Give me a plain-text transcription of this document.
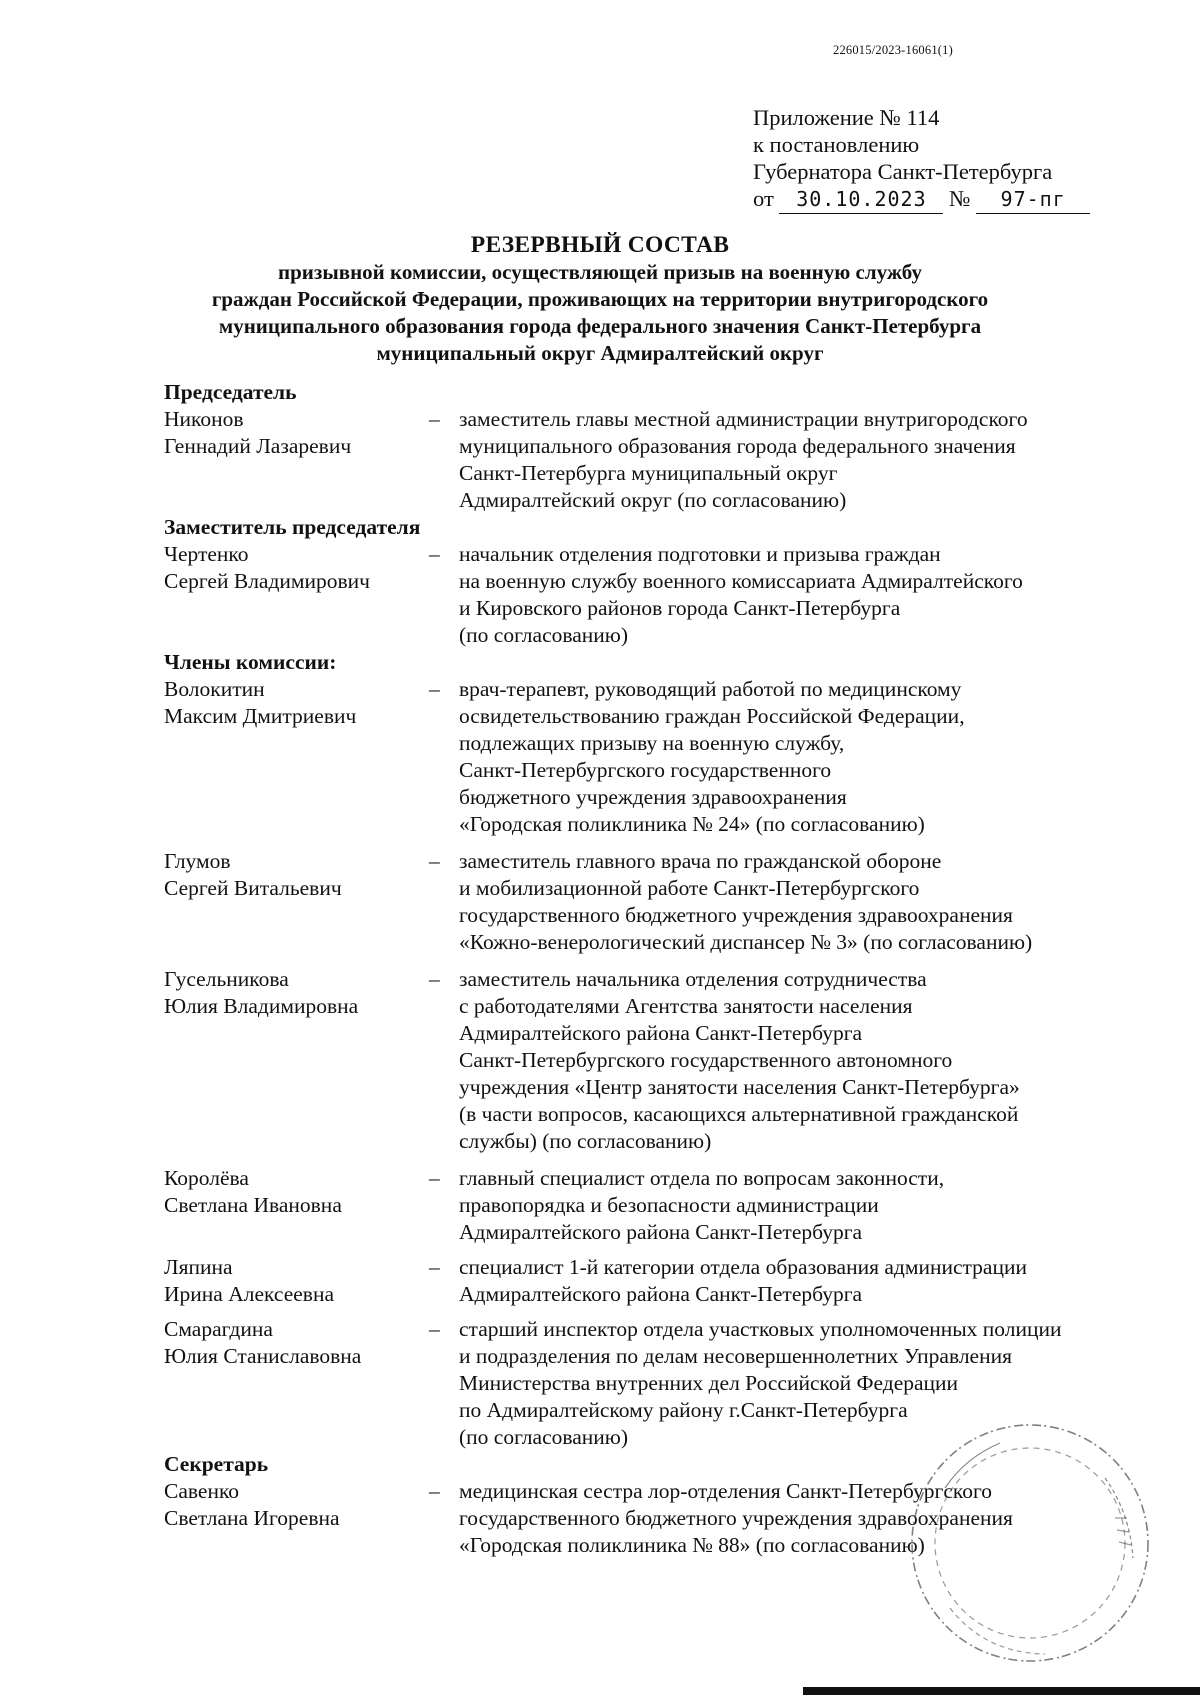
226015/2023-16061(1)
Приложение № 114
к постановлению
Губернатора Санкт-Петербурга
от 30.10.2023 № 97-пг
РЕЗЕРВНЫЙ СОСТАВ
призывной комиссии, осуществляющей призыв на военную службу
граждан Российской Федерации, проживающих на территории внутригородского
муниципального образования города федерального значения Санкт-Петербурга
муниципальный округ Адмиралтейский округ
Председатель
Никонов
Геннадий Лазаревич
– заместитель главы местной администрации внутригородского
муниципального образования города федерального значения
Санкт-Петербурга муниципальный округ
Адмиралтейский округ (по согласованию)
Заместитель председателя
Чертенко
Сергей Владимирович
– начальник отделения подготовки и призыва граждан
на военную службу военного комиссариата Адмиралтейского
и Кировского районов города Санкт-Петербурга
(по согласованию)
Члены комиссии:
Волокитин
Максим Дмитриевич
– врач-терапевт, руководящий работой по медицинскому
освидетельствованию граждан Российской Федерации,
подлежащих призыву на военную службу,
Санкт-Петербургского государственного
бюджетного учреждения здравоохранения
«Городская поликлиника № 24» (по согласованию)
Глумов
Сергей Витальевич
– заместитель главного врача по гражданской обороне
и мобилизационной работе Санкт-Петербургского
государственного бюджетного учреждения здравоохранения
«Кожно-венерологический диспансер № 3» (по согласованию)
Гусельникова
Юлия Владимировна
– заместитель начальника отделения сотрудничества
с работодателями Агентства занятости населения
Адмиралтейского района Санкт-Петербурга
Санкт-Петербургского государственного автономного
учреждения «Центр занятости населения Санкт-Петербурга»
(в части вопросов, касающихся альтернативной гражданской
службы) (по согласованию)
Королёва
Светлана Ивановна
– главный специалист отдела по вопросам законности,
правопорядка и безопасности администрации
Адмиралтейского района Санкт-Петербурга
Ляпина
Ирина Алексеевна
– специалист 1-й категории отдела образования администрации
Адмиралтейского района Санкт-Петербурга
Смарагдина
Юлия Станиславовна
– старший инспектор отдела участковых уполномоченных полиции
и подразделения по делам несовершеннолетних Управления
Министерства внутренних дел Российской Федерации
по Адмиралтейскому району г.Санкт-Петербурга
(по согласованию)
Секретарь
Савенко
Светлана Игоревна
– медицинская сестра лор-отделения Санкт-Петербургского
государственного бюджетного учреждения здравоохранения
«Городская поликлиника № 88» (по согласованию)
